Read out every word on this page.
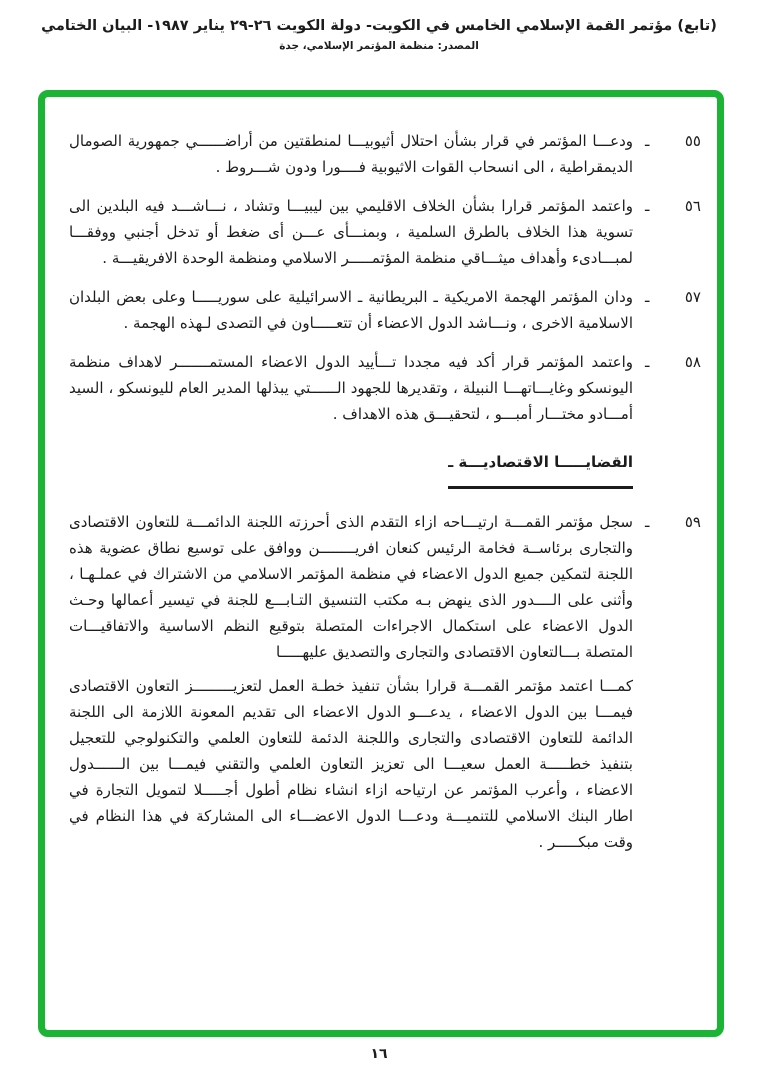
(تابع) مؤتمر القمة الإسلامي الخامس في الكويت- دولة الكويت ٢٦-٢٩ يناير ١٩٨٧- البيان الختامي
المصدر: منظمة المؤتمر الإسلامي، جدة
٥٥
ـ
ودعـــا المؤتمر في قرار بشأن احتلال أثيوبيـــا لمنطقتين من أراضــــــي جمهورية الصومال الديمقراطية ، الى انسحاب القوات الاثيوبية فــــورا ودون شـــروط .
٥٦
ـ
واعتمد المؤتمر قرارا بشأن الخلاف الاقليمي بين ليبيـــا وتشاد ، نـــاشـــد فيه البلدين الى تسوية هذا الخلاف بالطرق السلمية ، وبمنـــأى عـــن أى ضغط أو تدخل أجنبي ووفقـــا لمبـــادىء وأهداف ميثـــاقي منظمة المؤتمـــــر الاسلامي ومنظمة الوحدة الافريقيـــة .
٥٧
ـ
ودان المؤتمر الهجمة الامريكية ـ البريطانية ـ الاسرائيلية على سوريـــــا وعلى بعض البلدان الاسلامية الاخرى ، ونـــاشد الدول الاعضاء أن تتعـــــاون في التصدى لـهذه الهجمة .
٥٨
ـ
واعتمد المؤتمر قرار أكد فيه مجددا تـــأييد الدول الاعضاء المستمـــــــر لاهداف منظمة اليونسكو وغايـــاتهـــا النبيلة ، وتقديرها للجهود الــــــتي يبذلها المدير العام لليونسكو ، السيد أمـــادو مختـــار أمبـــو ، لتحقيـــق هذه الاهداف .
القضايـــــا الاقتصاديـــة ـ
٥٩
ـ
سجل مؤتمر القمـــة ارتيـــاحه ازاء التقدم الذى أحرزته اللجنة الدائمـــة للتعاون الاقتصادى والتجارى برئاســة فخامة الرئيس كنعان افريــــــــن ووافق على توسيع نطاق عضوية هذه اللجنة لتمكين جميع الدول الاعضاء في منظمة المؤتمر الاسلامي من الاشتراك في عملـهـا ، وأثنى على الــــدور الذى ينهض بـه مكتب التنسيق التـابـــع للجنة في تيسير أعمالها وحـث الدول الاعضاء على استكمال الاجراءات المتصلة بتوقيع النظم الاساسية والاتفاقيـــات المتصلة بـــالتعاون الاقتصادى والتجارى والتصديق عليهـــــا
كمـــا اعتمد مؤتمر القمـــة قرارا بشأن تنفيذ خطـة العمل لتعزيـــــــــز التعاون الاقتصادى فيمـــا بين الدول الاعضاء ، يدعـــو الدول الاعضاء الى تقديم المعونة اللازمة الى اللجنة الدائمة للتعاون الاقتصادى والتجارى واللجنة الدئمة للتعاون العلمي والتكنولوجي للتعجيل بتنفيذ خطـــــة العمل سعيـــا الى تعزيز التعاون العلمي والتقني فيمـــا بين الــــــدول الاعضاء ، وأعرب المؤتمر عن ارتياحه ازاء انشاء نظام أطول أجـــــلا لتمويل التجارة في اطار البنك الاسلامي للتنميـــة ودعـــا الدول الاعضـــاء الى المشاركة في هذا النظام في وقت مبكـــــر .
١٦
